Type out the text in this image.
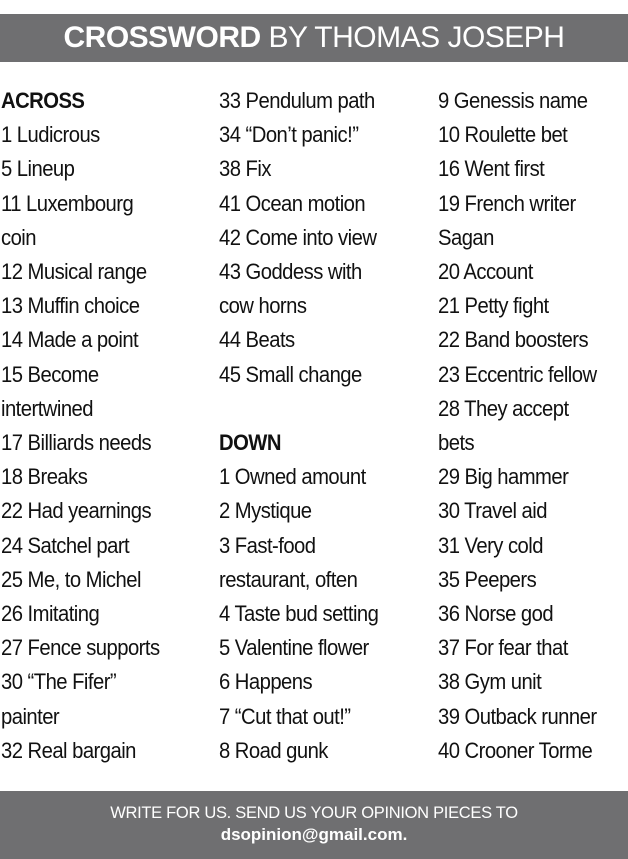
CROSSWORD BY THOMAS JOSEPH
ACROSS
1 Ludicrous
5 Lineup
11 Luxembourg
coin
12 Musical range
13 Muffin choice
14 Made a point
15 Become
intertwined
17 Billiards needs
18 Breaks
22 Had yearnings
24 Satchel part
25 Me, to Michel
26 Imitating
27 Fence supports
30 “The Fifer”
painter
32 Real bargain
33 Pendulum path
34 “Don’t panic!”
38 Fix
41 Ocean motion
42 Come into view
43 Goddess with
cow horns
44 Beats
45 Small change
DOWN
1 Owned amount
2 Mystique
3 Fast-food
restaurant, often
4 Taste bud setting
5 Valentine flower
6 Happens
7 “Cut that out!”
8 Road gunk
9 Genessis name
10 Roulette bet
16 Went first
19 French writer
Sagan
20 Account
21 Petty fight
22 Band boosters
23 Eccentric fellow
28 They accept
bets
29 Big hammer
30 Travel aid
31 Very cold
35 Peepers
36 Norse god
37 For fear that
38 Gym unit
39 Outback runner
40 Crooner Torme
WRITE FOR US. SEND US YOUR OPINION PIECES TO
dsopinion@gmail.com.
